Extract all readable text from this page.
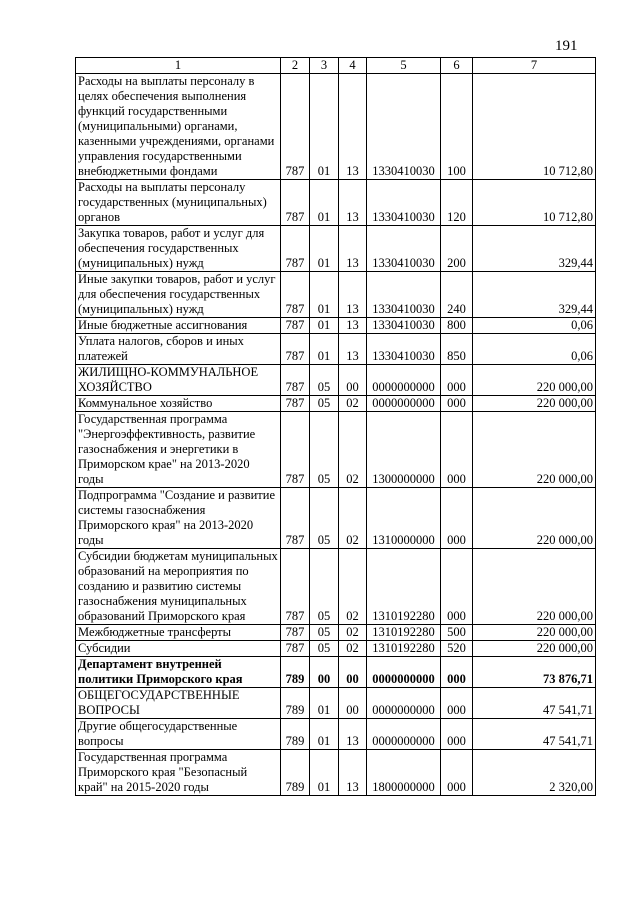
191
1	2	3	4	5	6	7
Расходы на выплаты персоналу в целях обеспечения выполнения функций государственными (муниципальными) органами, казенными учреждениями, органами управления государственными внебюджетными фондами	787	01	13	1330410030	100	10 712,80
Расходы на выплаты персоналу государственных (муниципальных) органов	787	01	13	1330410030	120	10 712,80
Закупка товаров, работ и услуг для обеспечения государственных (муниципальных) нужд	787	01	13	1330410030	200	329,44
Иные закупки товаров, работ и услуг для обеспечения государственных (муниципальных) нужд	787	01	13	1330410030	240	329,44
Иные бюджетные ассигнования	787	01	13	1330410030	800	0,06
Уплата налогов, сборов и иных платежей	787	01	13	1330410030	850	0,06
ЖИЛИЩНО-КОММУНАЛЬНОЕ ХОЗЯЙСТВО	787	05	00	0000000000	000	220 000,00
Коммунальное хозяйство	787	05	02	0000000000	000	220 000,00
Государственная программа "Энергоэффективность, развитие газоснабжения и энергетики в Приморском крае" на 2013-2020 годы	787	05	02	1300000000	000	220 000,00
Подпрограмма "Создание и развитие системы газоснабжения Приморского края" на 2013-2020 годы	787	05	02	1310000000	000	220 000,00
Субсидии бюджетам муниципальных образований на мероприятия по созданию и развитию системы газоснабжения муниципальных образований Приморского края	787	05	02	1310192280	000	220 000,00
Межбюджетные трансферты	787	05	02	1310192280	500	220 000,00
Субсидии	787	05	02	1310192280	520	220 000,00
Департамент внутренней политики Приморского края	789	00	00	0000000000	000	73 876,71
ОБЩЕГОСУДАРСТВЕННЫЕ ВОПРОСЫ	789	01	00	0000000000	000	47 541,71
Другие общегосударственные вопросы	789	01	13	0000000000	000	47 541,71
Государственная программа Приморского края "Безопасный край" на 2015-2020 годы	789	01	13	1800000000	000	2 320,00
